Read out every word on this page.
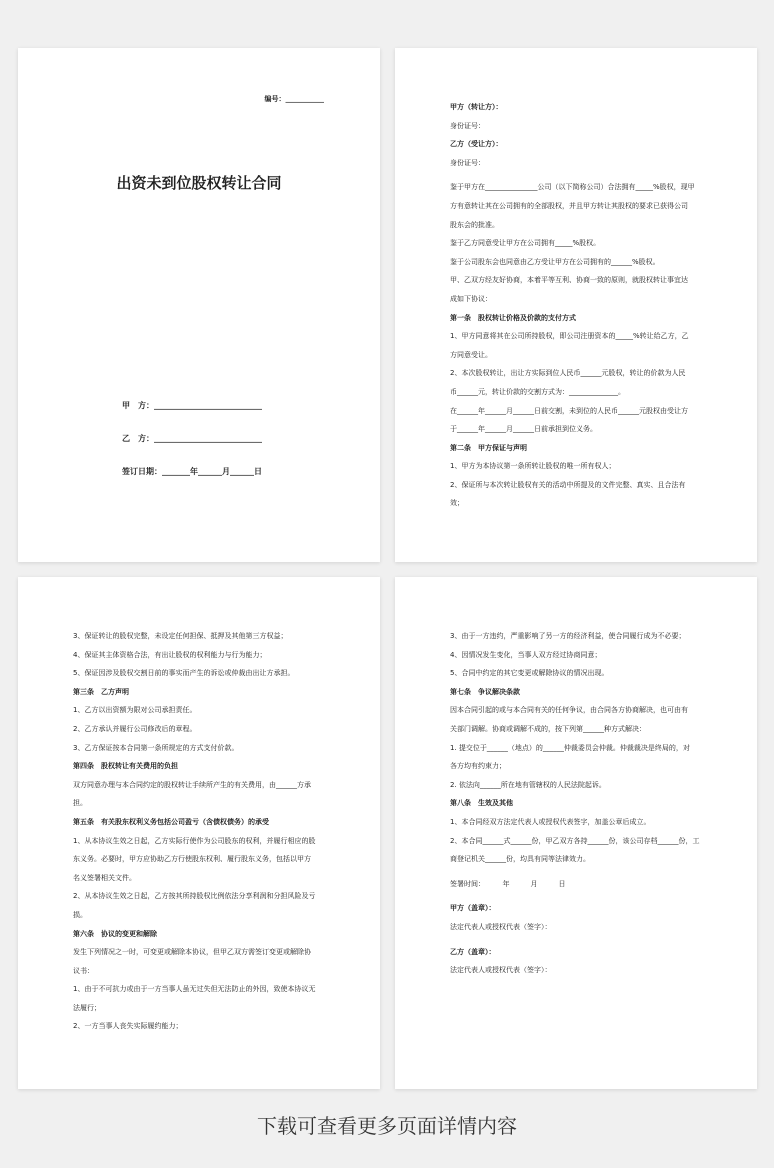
编号：___________
出资未到位股权转让合同
甲　方：___________________________
乙　方：___________________________
签订日期：_______年______月______日

甲方（转让方）：

身份证号：

乙方（受让方）：

身份证号：

鉴于甲方在_______________公司（以下简称公司）合法拥有_____%股权，现甲

方有意转让其在公司拥有的全部股权，并且甲方转让其股权的要求已获得公司

股东会的批准。

鉴于乙方同意受让甲方在公司拥有_____%股权。

鉴于公司股东会也同意由乙方受让甲方在公司拥有的______%股权。

甲、乙双方经友好协商，本着平等互利、协商一致的原则，就股权转让事宜达

成如下协议：

第一条　股权转让价格及价款的支付方式

1、甲方同意将其在公司所持股权，即公司注册资本的_____%转让给乙方，乙

方同意受让。

2、本次股权转让，出让方实际到位人民币______元股权，转让的价款为人民

币______元，转让价款的交割方式为：______________。

在______年______月______日前交割，未到位的人民币______元股权由受让方

于______年______月______日前承担到位义务。

第二条　甲方保证与声明

1、甲方为本协议第一条所转让股权的唯一所有权人；

2、保证所与本次转让股权有关的活动中所提及的文件完整、真实、且合法有

效；

3、保证转让的股权完整，未设定任何担保、抵押及其他第三方权益；

4、保证其主体资格合法，有出让股权的权利能力与行为能力；

5、保证因涉及股权交割日前的事实而产生的诉讼或仲裁由出让方承担。

第三条　乙方声明

1、乙方以出资额为限对公司承担责任。

2、乙方承认并履行公司修改后的章程。

3、乙方保证按本合同第一条所规定的方式支付价款。

第四条　股权转让有关费用的负担

双方同意办理与本合同约定的股权转让手续所产生的有关费用，由______方承

担。

第五条　有关股东权利义务包括公司盈亏（含债权债务）的承受

1、从本协议生效之日起，乙方实际行使作为公司股东的权利，并履行相应的股

东义务。必要时，甲方应协助乙方行使股东权利、履行股东义务，包括以甲方

名义签署相关文件。

2、从本协议生效之日起，乙方按其所持股权比例依法分享利润和分担风险及亏

损。

第六条　协议的变更和解除

发生下列情况之一时，可变更或解除本协议，但甲乙双方需签订变更或解除协

议书：

1、由于不可抗力或由于一方当事人虽无过失但无法防止的外因，致使本协议无

法履行；

2、一方当事人丧失实际履约能力；

3、由于一方违约，严重影响了另一方的经济利益，使合同履行成为不必要；

4、因情况发生变化，当事人双方经过协商同意；

5、合同中约定的其它变更或解除协议的情况出现。

第七条　争议解决条款

因本合同引起的或与本合同有关的任何争议，由合同各方协商解决，也可由有

关部门调解。协商或调解不成的，按下列第______种方式解决：

1. 提交位于______（地点）的______仲裁委员会仲裁。仲裁裁决是终局的，对

各方均有约束力；

2. 依法向______所在地有管辖权的人民法院起诉。

第八条　生效及其他

1、本合同经双方法定代表人或授权代表签字，加盖公章后成立。

2、本合同______式______份，甲乙双方各持______份，该公司存档______份，工

商登记机关______份，均具有同等法律效力。

签署时间：　　　年　　　月　　　日

甲方（盖章）：

法定代表人或授权代表（签字）：

乙方（盖章）：

法定代表人或授权代表（签字）：

下载可查看更多页面详情内容
